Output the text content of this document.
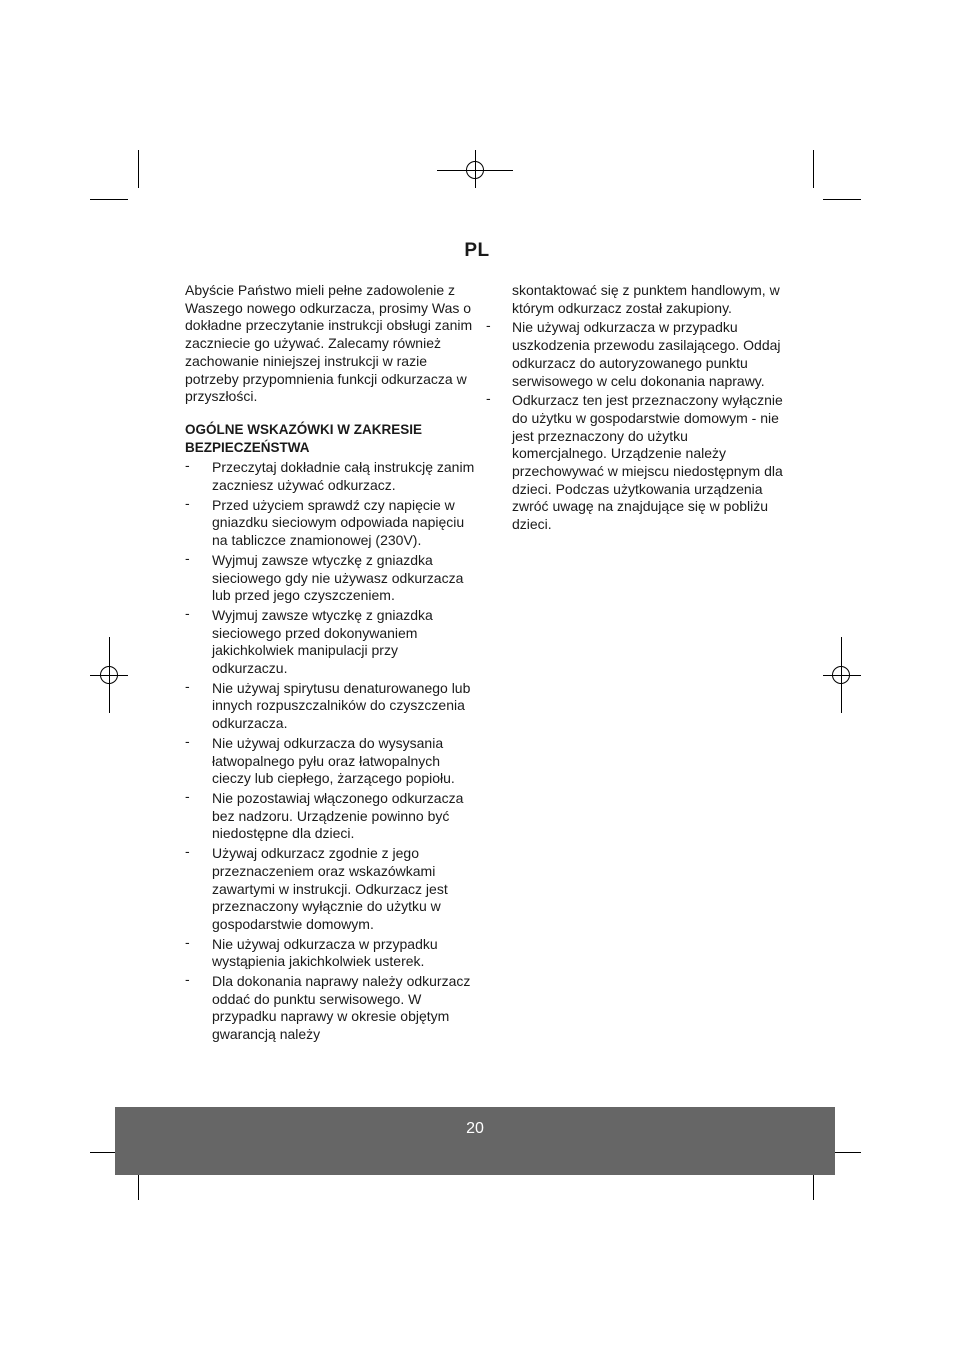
PL

Abyście Państwo mieli pełne zadowolenie z Waszego nowego odkurzacza, prosimy Was o dokładne przeczytanie instrukcji obsługi zanim zacznie​cie go używać. Zalecamy również zachowanie niniejszej instrukcji w razie potrzeby przypomnienia funkcji odkurzacza w przyszłości.

OGÓLNE WSKAZÓWKI W ZAKRESIE
BEZPIECZEŃSTWA
- Przeczytaj dokładnie całą instrukcję zanim zaczniesz używać odkurzacz.
- Przed użyciem sprawdź czy napięcie w gniazdku sieciowym odpowiada napięciu na tabliczce znamionowej (230V).
- Wyjmuj zawsze wtyczkę z gniazdka sieciowego gdy nie używasz odkurzacza lub przed jego czyszczeniem.
- Wyjmuj zawsze wtyczkę z gniazdka sieciowego przed dokonywaniem jakichkolwiek manipulacji przy odkurzaczu.
- Nie używaj spirytusu denaturowanego lub innych rozpuszczalników do czyszczenia odkurzacza.
- Nie używaj odkurzacza do wysysania łatwopalnego pyłu oraz łatwopalnych cieczy lub ciepłego, żarzącego popiołu.
- Nie pozostawiaj włączonego odkurzacza bez nadzoru. Urządzenie powinno być niedostępne dla dzieci.
- Używaj odkurzacz zgodnie z jego przeznaczeniem oraz wskazówkami zawartymi w instrukcji. Odkurzacz jest przeznaczony wyłącznie do użytku w gospodarstwie domowym.
- Nie używaj odkurzacza w przypadku wystąpienia jakichkolwiek usterek.
- Dla dokonania naprawy należy odkurzacz oddać do punktu serwisowego. W przypadku naprawy w okresie objętym gwarancją należy
skontaktować się z punktem handlowym, w którym odkurzacz został zakupiony.
- Nie używaj odkurzacza w przypadku uszkodzenia przewodu zasilającego. Oddaj odkurzacz do autoryzowanego punktu serwisowego w celu dokonania naprawy.
- Odkurzacz ten jest przeznaczony wyłącznie do użytku w gospodarstwie domowym - nie jest przeznaczony do użytku komercjalnego. Urządzenie należy przechowywać w miejscu niedostępnym dla dzieci. Podczas użytkowania urządzenia zwróć uwagę na znajdujące się w pobliżu dzieci.
20
